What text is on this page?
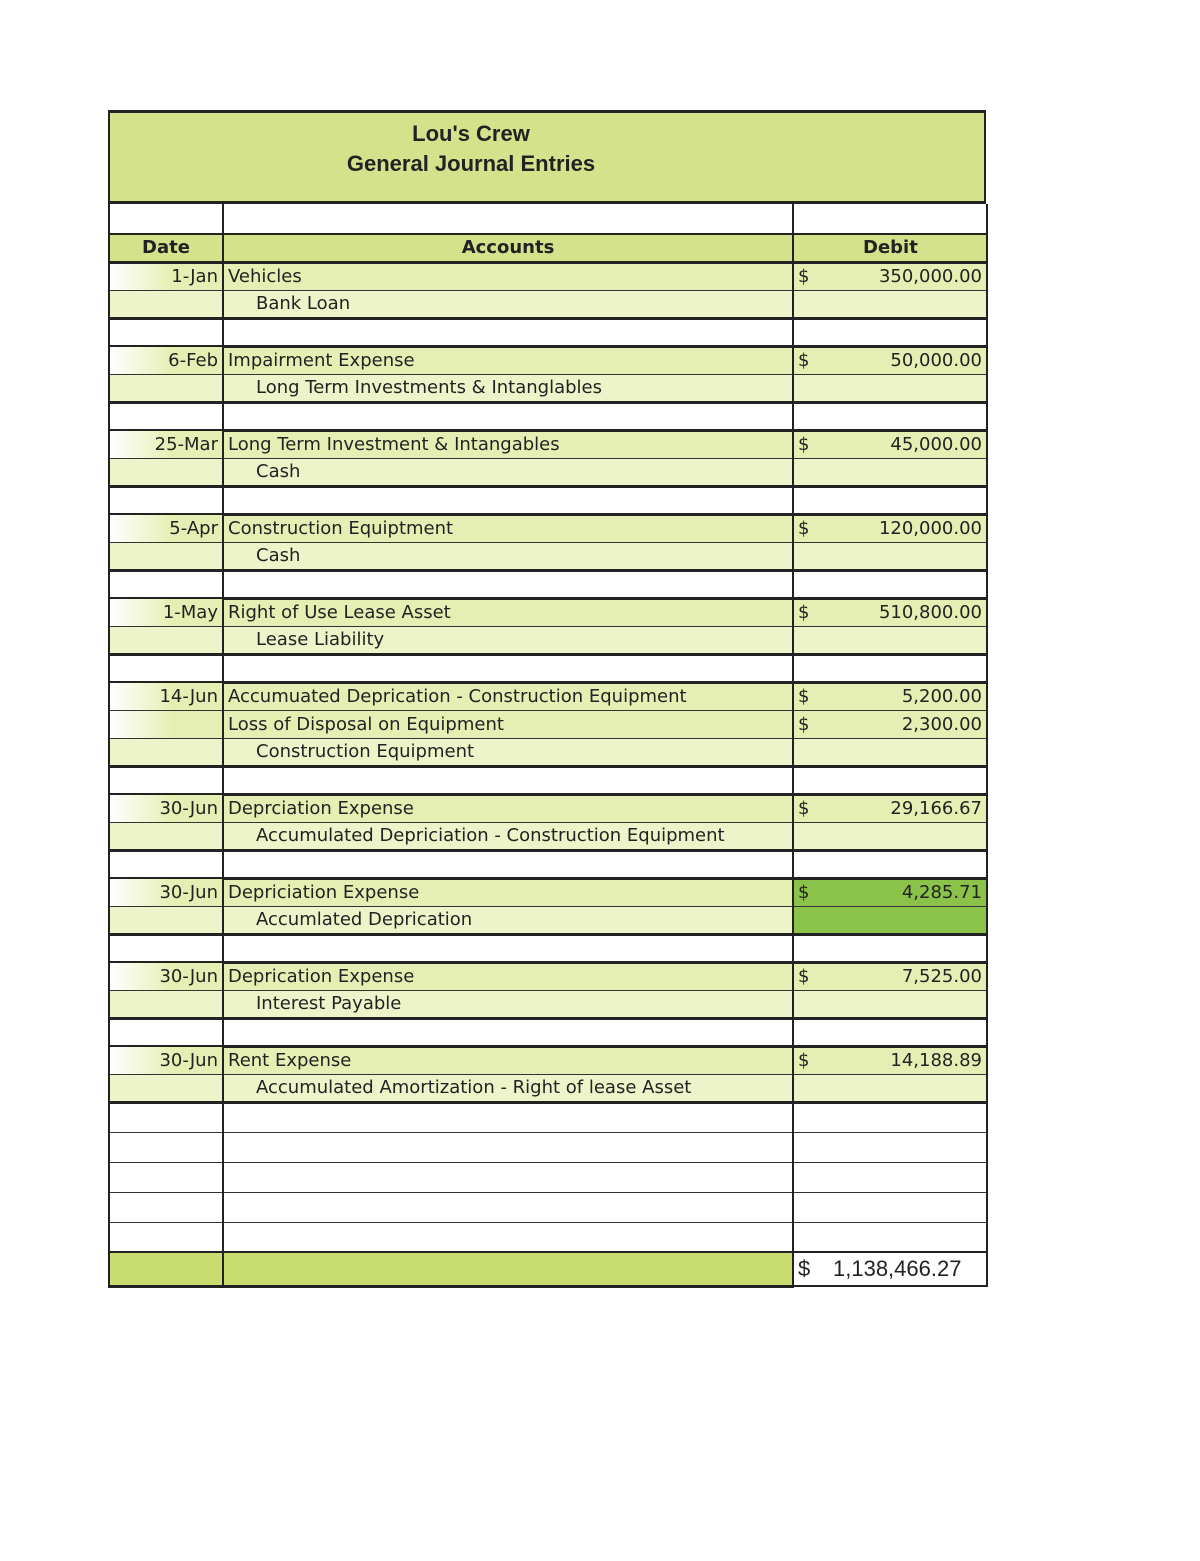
Lou's Crew
General Journal Entries

Date	Accounts		Debit
1-Jan	Vehicles	$	350,000.00
	Bank Loan		

6-Feb	Impairment Expense	$	50,000.00
	Long Term Investments & Intanglables		

25-Mar	Long Term Investment & Intangables	$	45,000.00
	Cash		

5-Apr	Construction Equiptment	$	120,000.00
	Cash		

1-May	Right of Use Lease Asset	$	510,800.00
	Lease Liability		

14-Jun	Accumuated Deprication - Construction Equipment	$	5,200.00
	Loss of Disposal on Equipment	$	2,300.00
	Construction Equipment		

30-Jun	Deprciation Expense	$	29,166.67
	Accumulated Depriciation - Construction Equipment		

30-Jun	Depriciation Expense	$	4,285.71
	Accumlated Deprication		

30-Jun	Deprication Expense	$	7,525.00
	Interest Payable		

30-Jun	Rent Expense	$	14,188.89
	Accumulated Amortization - Right of lease Asset		

		$	1,138,466.27
